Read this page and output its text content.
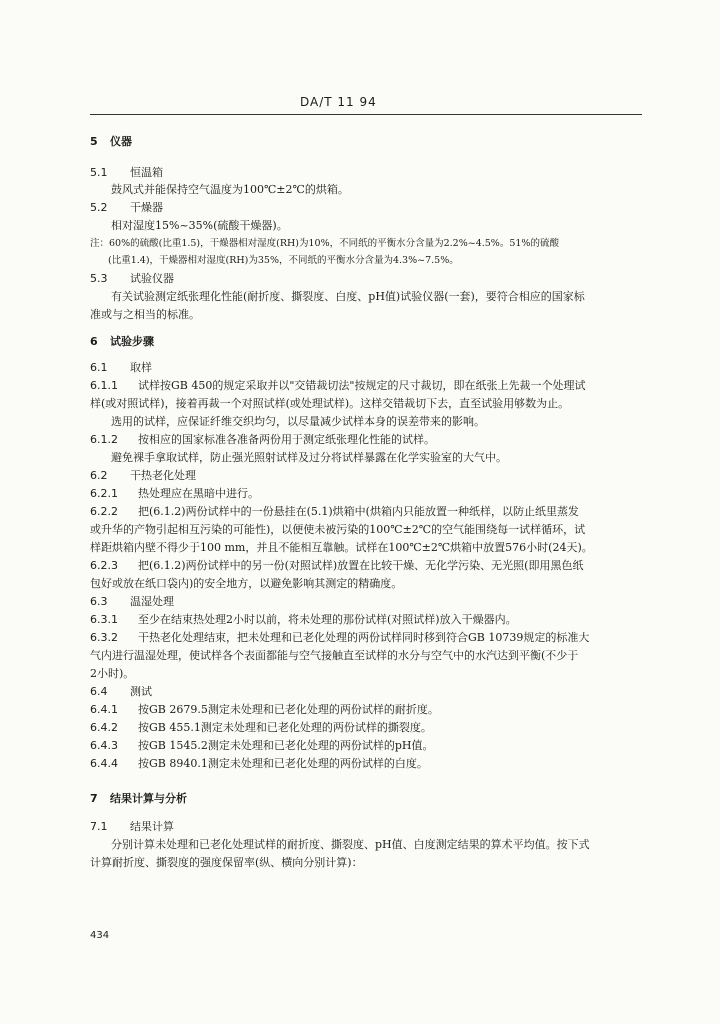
DA/T 11 94
5 仪器
5.1 恒温箱
鼓风式并能保持空气温度为100℃±2℃的烘箱。
5.2 干燥器
相对湿度15%~35%(硫酸干燥器)。
注：60%的硫酸(比重1.5)，干燥器相对湿度(RH)为10%，不同纸的平衡水分含量为2.2%~4.5%。51%的硫酸
(比重1.4)，干燥器相对湿度(RH)为35%，不同纸的平衡水分含量为4.3%~7.5%。
5.3 试验仪器
有关试验测定纸张理化性能(耐折度、撕裂度、白度、pH值)试验仪器(一套)，要符合相应的国家标
准或与之相当的标准。
6 试验步骤
6.1 取样
6.1.1 试样按GB 450的规定采取并以"交错裁切法"按规定的尺寸裁切，即在纸张上先裁一个处理试
样(或对照试样)，接着再裁一个对照试样(或处理试样)。这样交错裁切下去，直至试验用够数为止。
选用的试样，应保证纤维交织均匀，以尽量减少试样本身的误差带来的影响。
6.1.2 按相应的国家标准各准备两份用于测定纸张理化性能的试样。
避免裸手拿取试样，防止强光照射试样及过分将试样暴露在化学实验室的大气中。
6.2 干热老化处理
6.2.1 热处理应在黑暗中进行。
6.2.2 把(6.1.2)两份试样中的一份悬挂在(5.1)烘箱中(烘箱内只能放置一种纸样，以防止纸里蒸发
或升华的产物引起相互污染的可能性)，以便使未被污染的100℃±2℃的空气能围绕每一试样循环，试
样距烘箱内壁不得少于100 mm，并且不能相互靠触。试样在100℃±2℃烘箱中放置576小时(24天)。
6.2.3 把(6.1.2)两份试样中的另一份(对照试样)放置在比较干燥、无化学污染、无光照(即用黑色纸
包好或放在纸口袋内)的安全地方，以避免影响其测定的精确度。
6.3 温湿处理
6.3.1 至少在结束热处理2小时以前，将未处理的那份试样(对照试样)放入干燥器内。
6.3.2 干热老化处理结束，把未处理和已老化处理的两份试样同时移到符合GB 10739规定的标准大
气内进行温湿处理，使试样各个表面都能与空气接触直至试样的水分与空气中的水汽达到平衡(不少于
2小时)。
6.4 测试
6.4.1 按GB 2679.5测定未处理和已老化处理的两份试样的耐折度。
6.4.2 按GB 455.1测定未处理和已老化处理的两份试样的撕裂度。
6.4.3 按GB 1545.2测定未处理和已老化处理的两份试样的pH值。
6.4.4 按GB 8940.1测定未处理和已老化处理的两份试样的白度。
7 结果计算与分析
7.1 结果计算
分别计算未处理和已老化处理试样的耐折度、撕裂度、pH值、白度测定结果的算术平均值。按下式
计算耐折度、撕裂度的强度保留率(纵、横向分别计算)：
434
